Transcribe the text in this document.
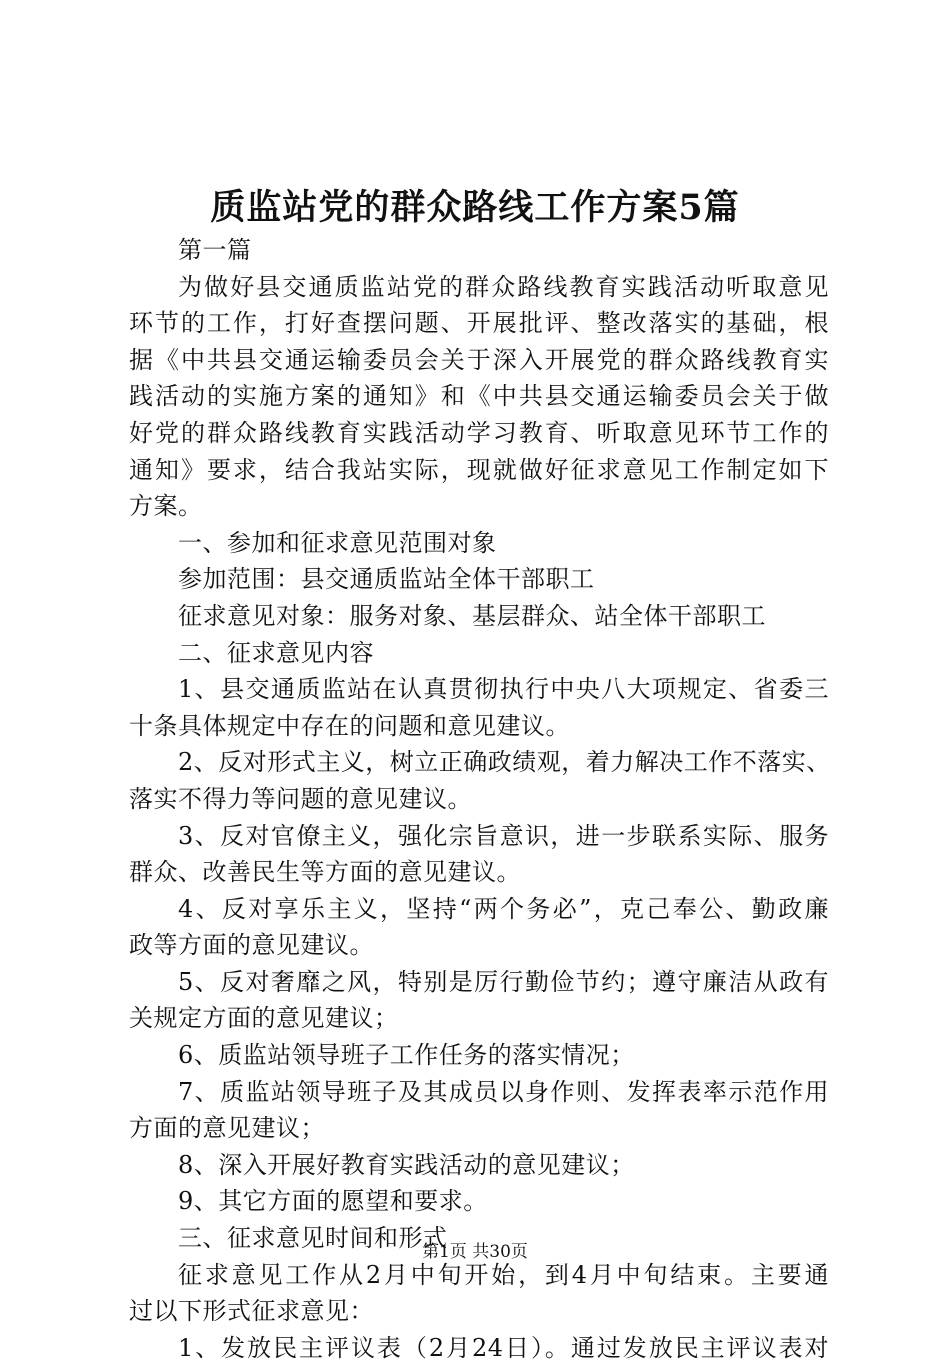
质监站党的群众路线工作方案5篇
第一篇
为做好县交通质监站党的群众路线教育实践活动听取意见
环节的工作，打好查摆问题、开展批评、整改落实的基础，根
据《中共县交通运输委员会关于深入开展党的群众路线教育实
践活动的实施方案的通知》和《中共县交通运输委员会关于做
好党的群众路线教育实践活动学习教育、听取意见环节工作的
通知》要求，结合我站实际，现就做好征求意见工作制定如下
方案。
一、参加和征求意见范围对象
参加范围：县交通质监站全体干部职工
征求意见对象：服务对象、基层群众、站全体干部职工
二、征求意见内容
1、县交通质监站在认真贯彻执行中央八大项规定、省委三
十条具体规定中存在的问题和意见建议。
2、反对形式主义，树立正确政绩观，着力解决工作不落实、
落实不得力等问题的意见建议。
3、反对官僚主义，强化宗旨意识，进一步联系实际、服务
群众、改善民生等方面的意见建议。
4、反对享乐主义，坚持“两个务必”，克己奉公、勤政廉
政等方面的意见建议。
5、反对奢靡之风，特别是厉行勤俭节约；遵守廉洁从政有
关规定方面的意见建议；
6、质监站领导班子工作任务的落实情况；
7、质监站领导班子及其成员以身作则、发挥表率示范作用
方面的意见建议；
8、深入开展好教育实践活动的意见建议；
9、其它方面的愿望和要求。
三、征求意见时间和形式
征求意见工作从2月中旬开始，到4月中旬结束。主要通
过以下形式征求意见：
1、发放民主评议表（2月24日）。通过发放民主评议表对
第1页 共30页
